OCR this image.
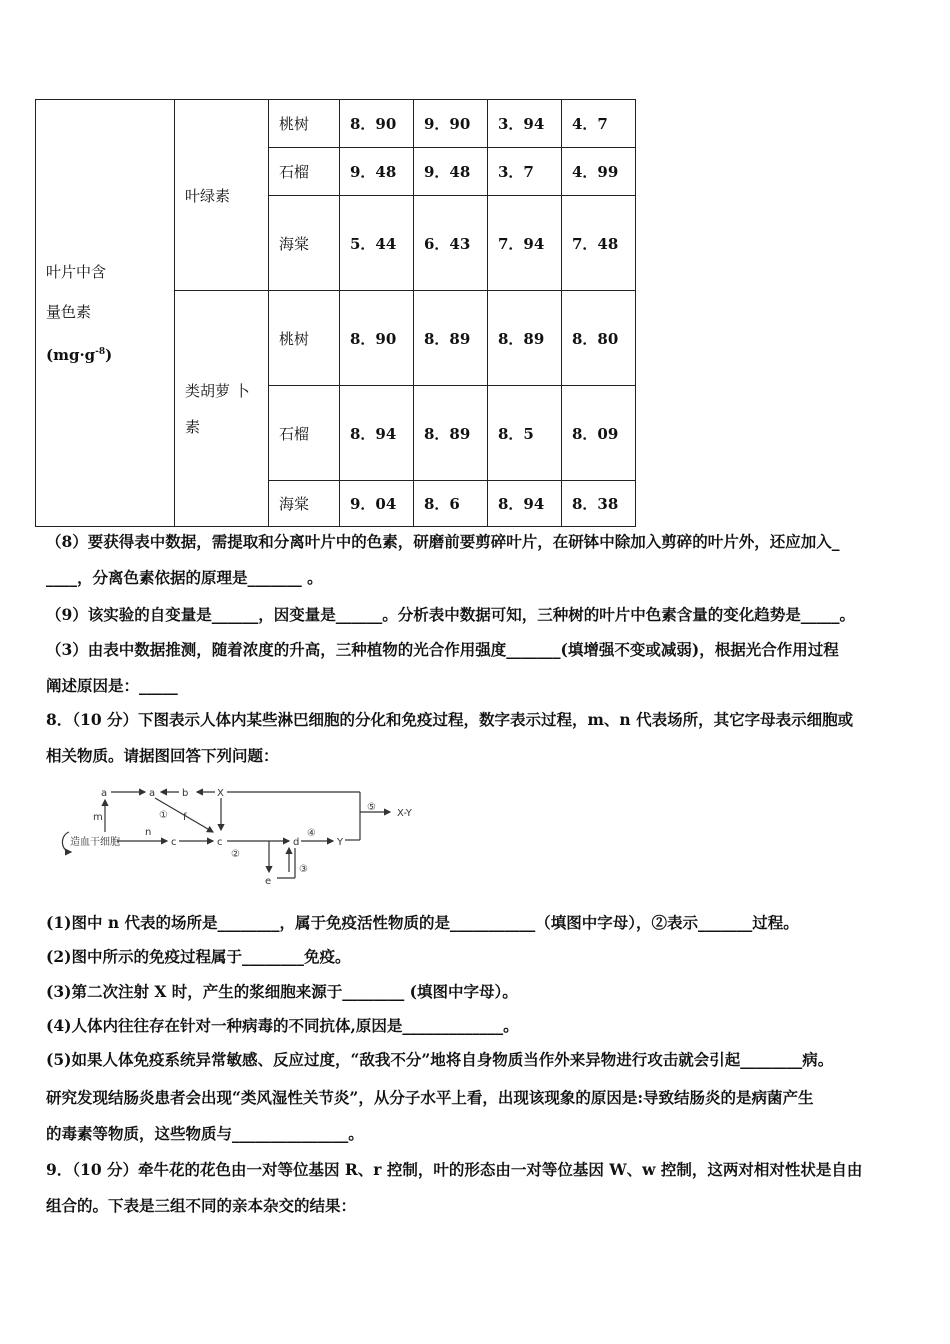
叶片中含
量色素
$(mg\cdot g^{-8})$	叶绿素	桃树	8．90	9．90	3．94	4．7
		石榴	9．48	9．48	3．7	4．99
		海棠	5．44	6．43	7．94	7．48

	类胡萝 卜
素	桃树	8．90	8．89	8．89	8．80
		石榴	8．94	8．89	8．5	8．09
		海棠	9．04	8．6	8．94	8．38
（8）要获得表中数据，需提取和分离叶片中的色素，研磨前要剪碎叶片，在研钵中除加入剪碎的叶片外，还应加入_
____，分离色素依据的原理是_______ 。
（9）该实验的自变量是______，因变量是______。分析表中数据可知，三种树的叶片中色素含量的变化趋势是_____。
（3）由表中数据推测，随着浓度的升高，三种植物的光合作用强度_______(填增强不变或减弱)，根据光合作用过程
阐述原因是：_____
8．（10 分）下图表示人体内某些淋巴细胞的分化和免疫过程，数字表示过程，m、n 代表场所，其它字母表示细胞或
相关物质。请据图回答下列问题：
造血干细胞
m
a	a	b	X
⑤
X-Y
f
①
n
c	c
②
d
④
Y
e
③
(1)图中 n 代表的场所是________，属于免疫活性物质的是___________（填图中字母），②表示_______过程。
(2)图中所示的免疫过程属于________免疫。
(3)第二次注射 X 时，产生的浆细胞来源于________ (填图中字母）。
(4)人体内往往存在针对一种病毒的不同抗体,原因是_____________。
(5)如果人体免疫系统异常敏感、反应过度，“敌我不分”地将自身物质当作外来异物进行攻击就会引起________病。
研究发现结肠炎患者会出现“类风湿性关节炎”，从分子水平上看，出现该现象的原因是:导致结肠炎的是病菌产生
的毒素等物质，这些物质与_______________。
9．（10 分）牵牛花的花色由一对等位基因 R、r 控制，叶的形态由一对等位基因 W、w 控制，这两对相对性状是自由
组合的。下表是三组不同的亲本杂交的结果：
